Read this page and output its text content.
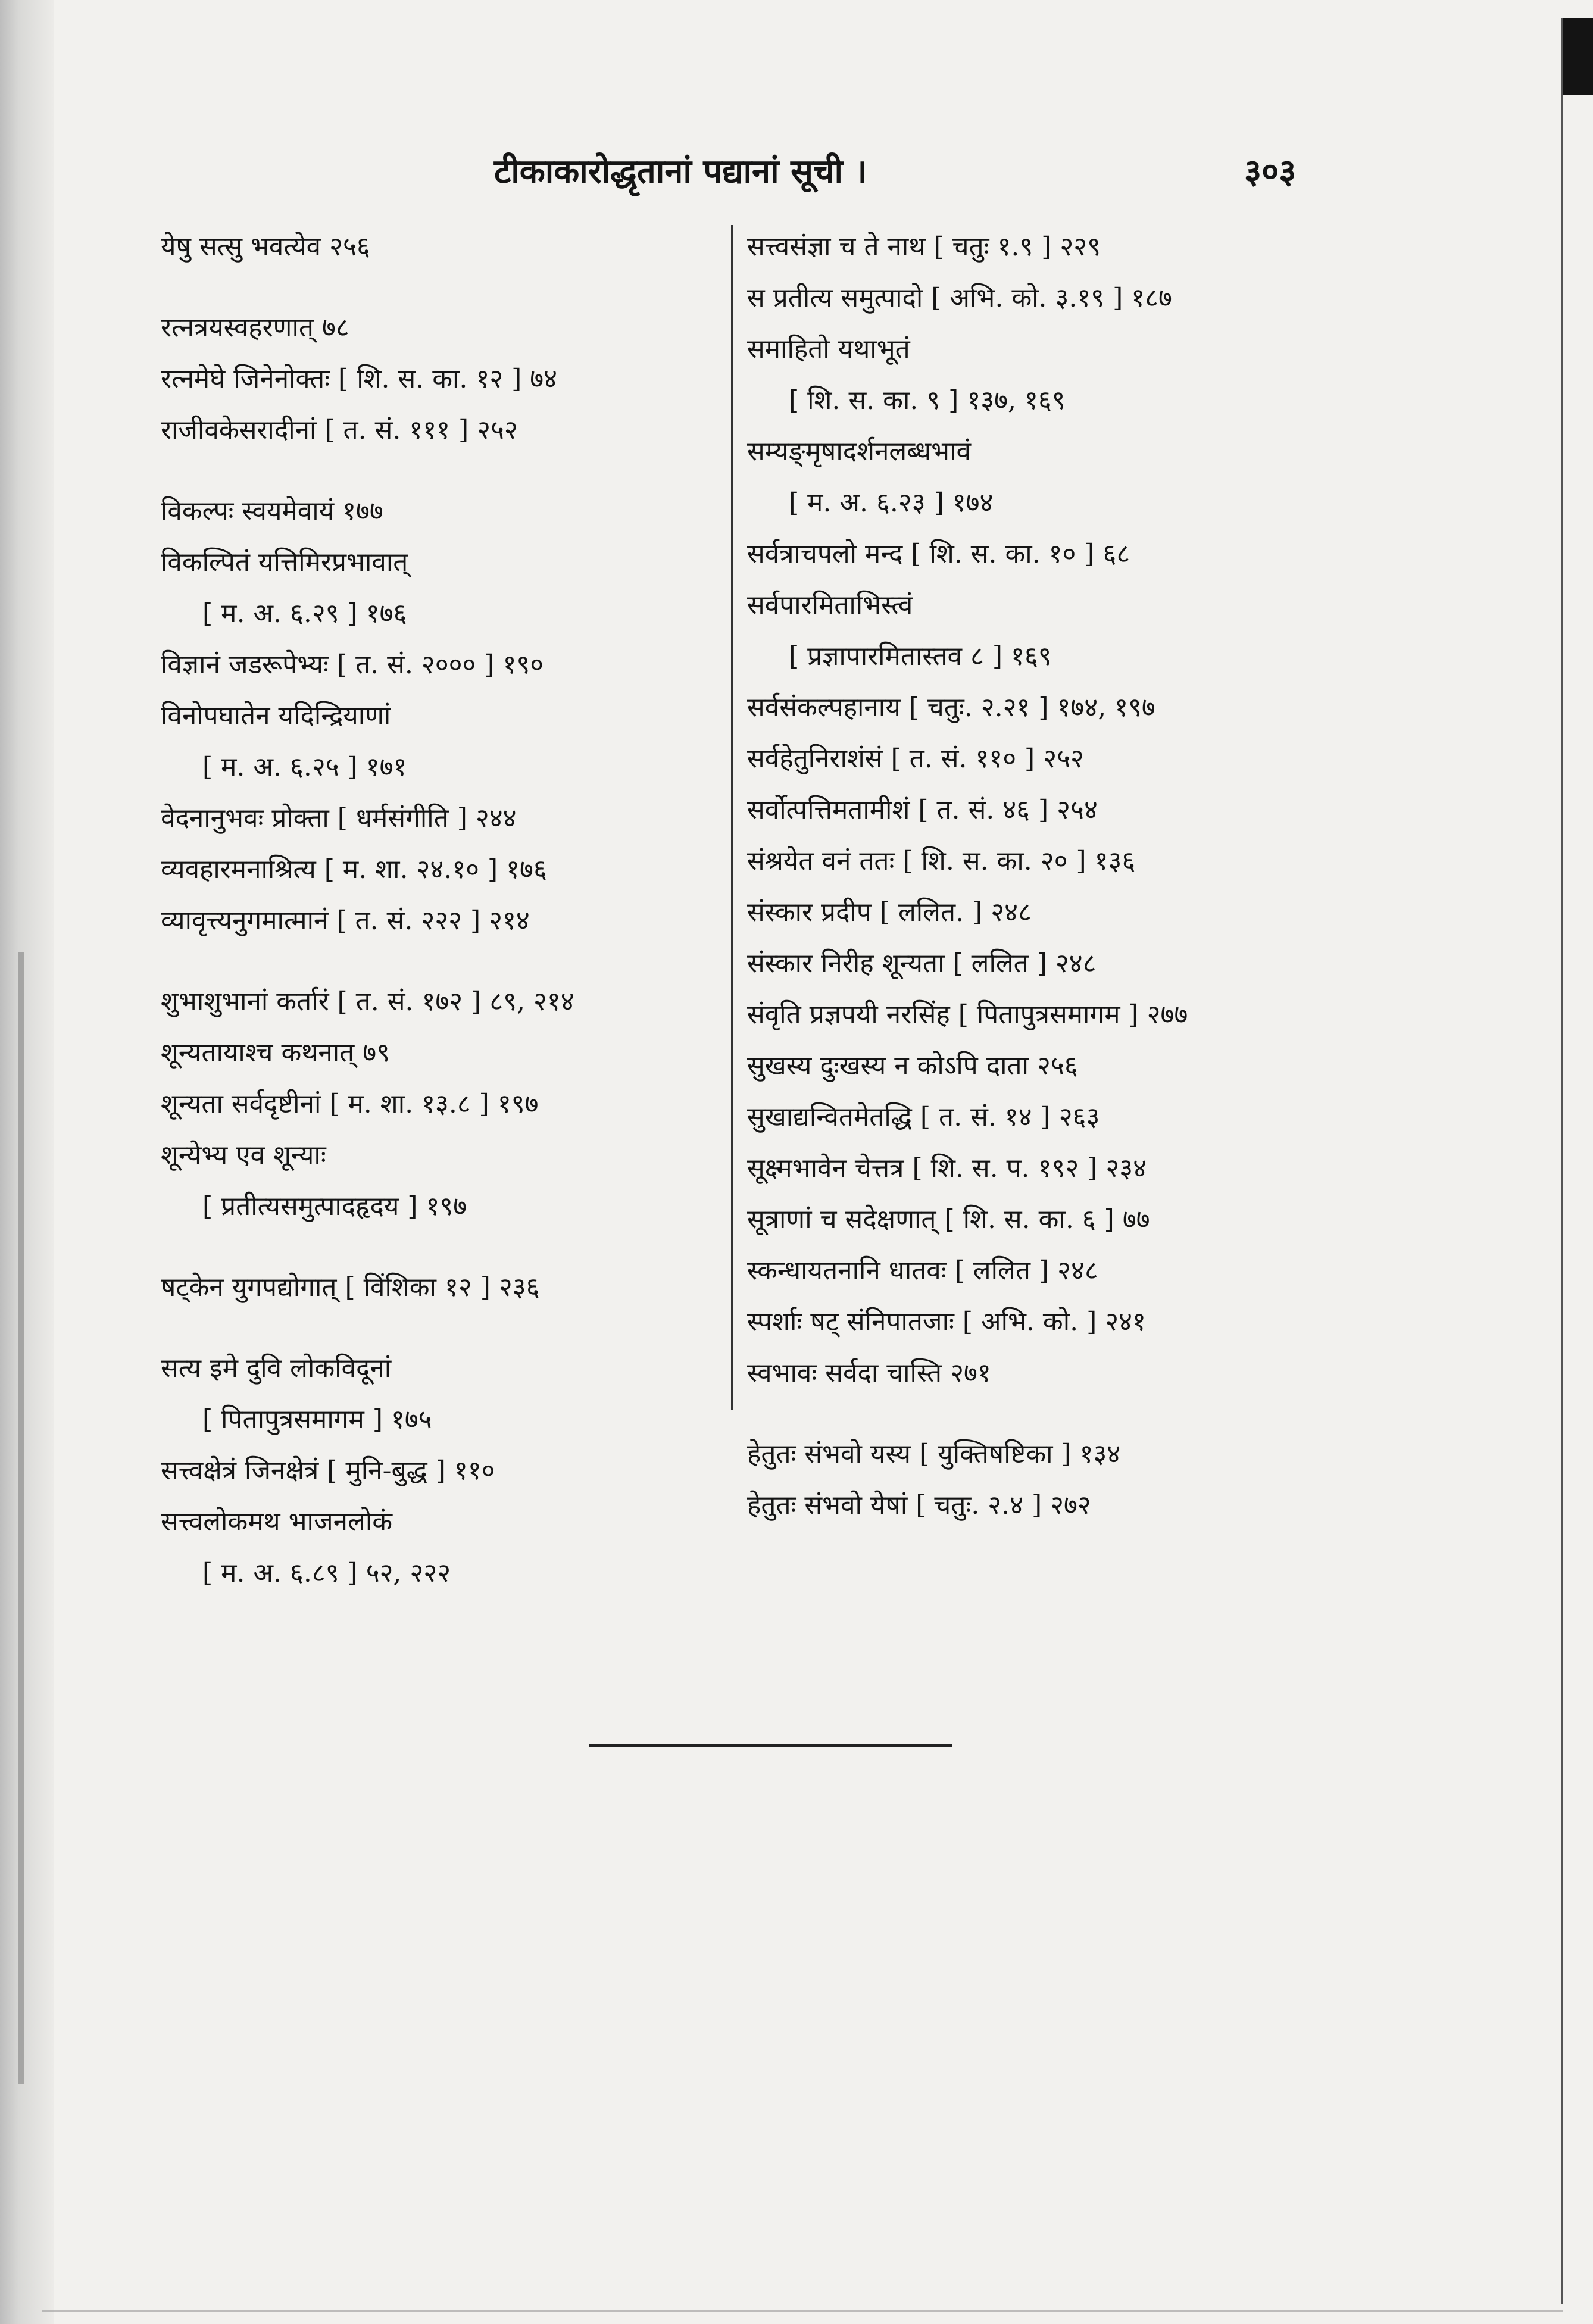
टीकाकारोद्धृतानां पद्यानां सूची ।	३०३
येषु सत्सु भवत्येव २५६
रत्नत्रयस्वहरणात् ७८
रत्नमेघे जिनेनोक्तः [ शि. स. का. १२ ] ७४
राजीवकेसरादीनां [ त. सं. १११ ] २५२
विकल्पः स्वयमेवायं १७७
विकल्पितं यत्तिमिरप्रभावात्
[ म. अ. ६.२९ ] १७६
विज्ञानं जडरूपेभ्यः [ त. सं. २००० ] १९०
विनोपघातेन यदिन्द्रियाणां
[ म. अ. ६.२५ ] १७१
वेदनानुभवः प्रोक्ता [ धर्मसंगीति ] २४४
व्यवहारमनाश्रित्य [ म. शा. २४.१० ] १७६
व्यावृत्त्यनुगमात्मानं [ त. सं. २२२ ] २१४
शुभाशुभानां कर्तारं [ त. सं. १७२ ] ८९, २१४
शून्यतायाश्च कथनात् ७९
शून्यता सर्वदृष्टीनां [ म. शा. १३.८ ] १९७
शून्येभ्य एव शून्याः
[ प्रतीत्यसमुत्पादहृदय ] १९७
षट्केन युगपद्योगात् [ विंशिका १२ ] २३६
सत्य इमे दुवि लोकविदूनां
[ पितापुत्रसमागम ] १७५
सत्त्वक्षेत्रं जिनक्षेत्रं [ मुनि-बुद्ध ] ११०
सत्त्वलोकमथ भाजनलोकं
[ म. अ. ६.८९ ] ५२, २२२
सत्त्वसंज्ञा च ते नाथ [ चतुः १.९ ] २२९
स प्रतीत्य समुत्पादो [ अभि. को. ३.१९ ] १८७
समाहितो यथाभूतं
[ शि. स. का. ९ ] १३७, १६९
सम्यङ्मृषादर्शनलब्धभावं
[ म. अ. ६.२३ ] १७४
सर्वत्राचपलो मन्द [ शि. स. का. १० ] ६८
सर्वपारमिताभिस्त्वं
[ प्रज्ञापारमितास्तव ८ ] १६९
सर्वसंकल्पहानाय [ चतुः. २.२१ ] १७४, १९७
सर्वहेतुनिराशंसं [ त. सं. ११० ] २५२
सर्वोत्पत्तिमतामीशं [ त. सं. ४६ ] २५४
संश्रयेत वनं ततः [ शि. स. का. २० ] १३६
संस्कार प्रदीप [ ललित. ] २४८
संस्कार निरीह शून्यता [ ललित ] २४८
संवृति प्रज्ञपयी नरसिंह [ पितापुत्रसमागम ] २७७
सुखस्य दुःखस्य न कोऽपि दाता २५६
सुखाद्यन्वितमेतद्धि [ त. सं. १४ ] २६३
सूक्ष्मभावेन चेत्तत्र [ शि. स. प. १९२ ] २३४
सूत्राणां च सदेक्षणात् [ शि. स. का. ६ ] ७७
स्कन्धायतनानि धातवः [ ललित ] २४८
स्पर्शाः षट् संनिपातजाः [ अभि. को. ] २४१
स्वभावः सर्वदा चास्ति २७१
हेतुतः संभवो यस्य [ युक्तिषष्टिका ] १३४
हेतुतः संभवो येषां [ चतुः. २.४ ] २७२
